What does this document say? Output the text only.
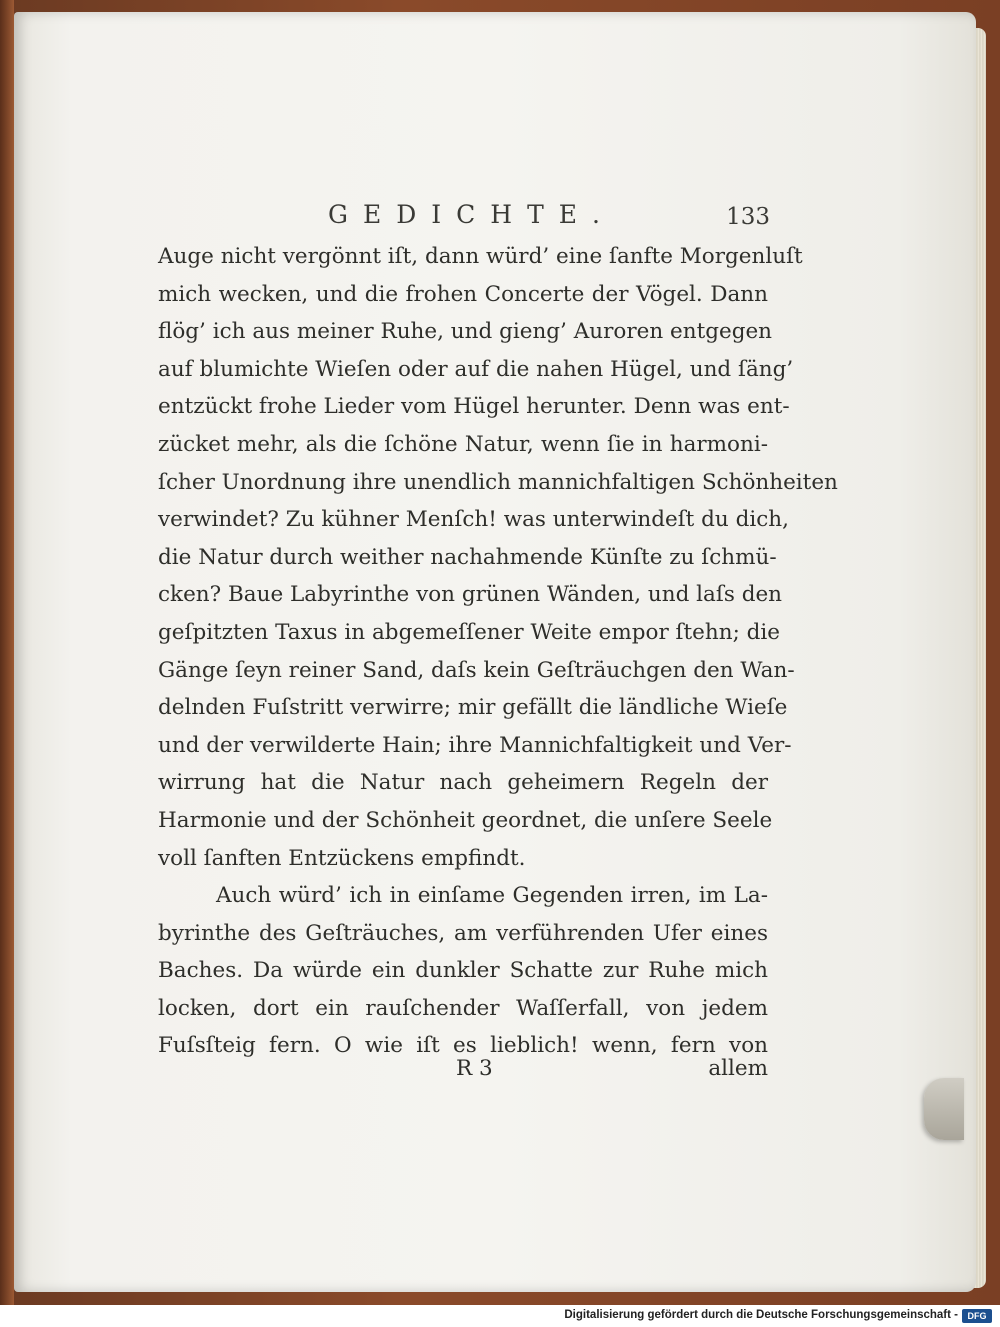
GEDICHTE.	133
Auge nicht vergönnt iſt, dann würd’ eine ſanfte Morgenluſt
mich wecken, und die frohen Concerte der Vögel. Dann
flög’ ich aus meiner Ruhe, und gieng’ Auroren entgegen
auf blumichte Wieſen oder auf die nahen Hügel, und ſäng’
entzückt frohe Lieder vom Hügel herunter. Denn was ent-
zücket mehr, als die ſchöne Natur, wenn ſie in harmoni-
ſcher Unordnung ihre unendlich mannichfaltigen Schönheiten
verwindet? Zu kühner Menſch! was unterwindeſt du dich,
die Natur durch weither nachahmende Künſte zu ſchmü-
cken? Baue Labyrinthe von grünen Wänden, und laſs den
geſpitzten Taxus in abgemeſſener Weite empor ſtehn; die
Gänge ſeyn reiner Sand, daſs kein Geſträuchgen den Wan-
delnden Fuſstritt verwirre; mir gefällt die ländliche Wieſe
und der verwilderte Hain; ihre Mannichfaltigkeit und Ver-
wirrung hat die Natur nach geheimern Regeln der
Harmonie und der Schönheit geordnet, die unſere Seele
voll ſanften Entzückens empfindt.
Auch würd’ ich in einſame Gegenden irren, im La-
byrinthe des Geſträuches, am verführenden Ufer eines
Baches. Da würde ein dunkler Schatte zur Ruhe mich
locken, dort ein rauſchender Waſſerfall, von jedem
Fuſsſteig fern. O wie iſt es lieblich! wenn, fern von
R 3	allem
Digitalisierung gefördert durch die Deutsche Forschungsgemeinschaft -	DFG
